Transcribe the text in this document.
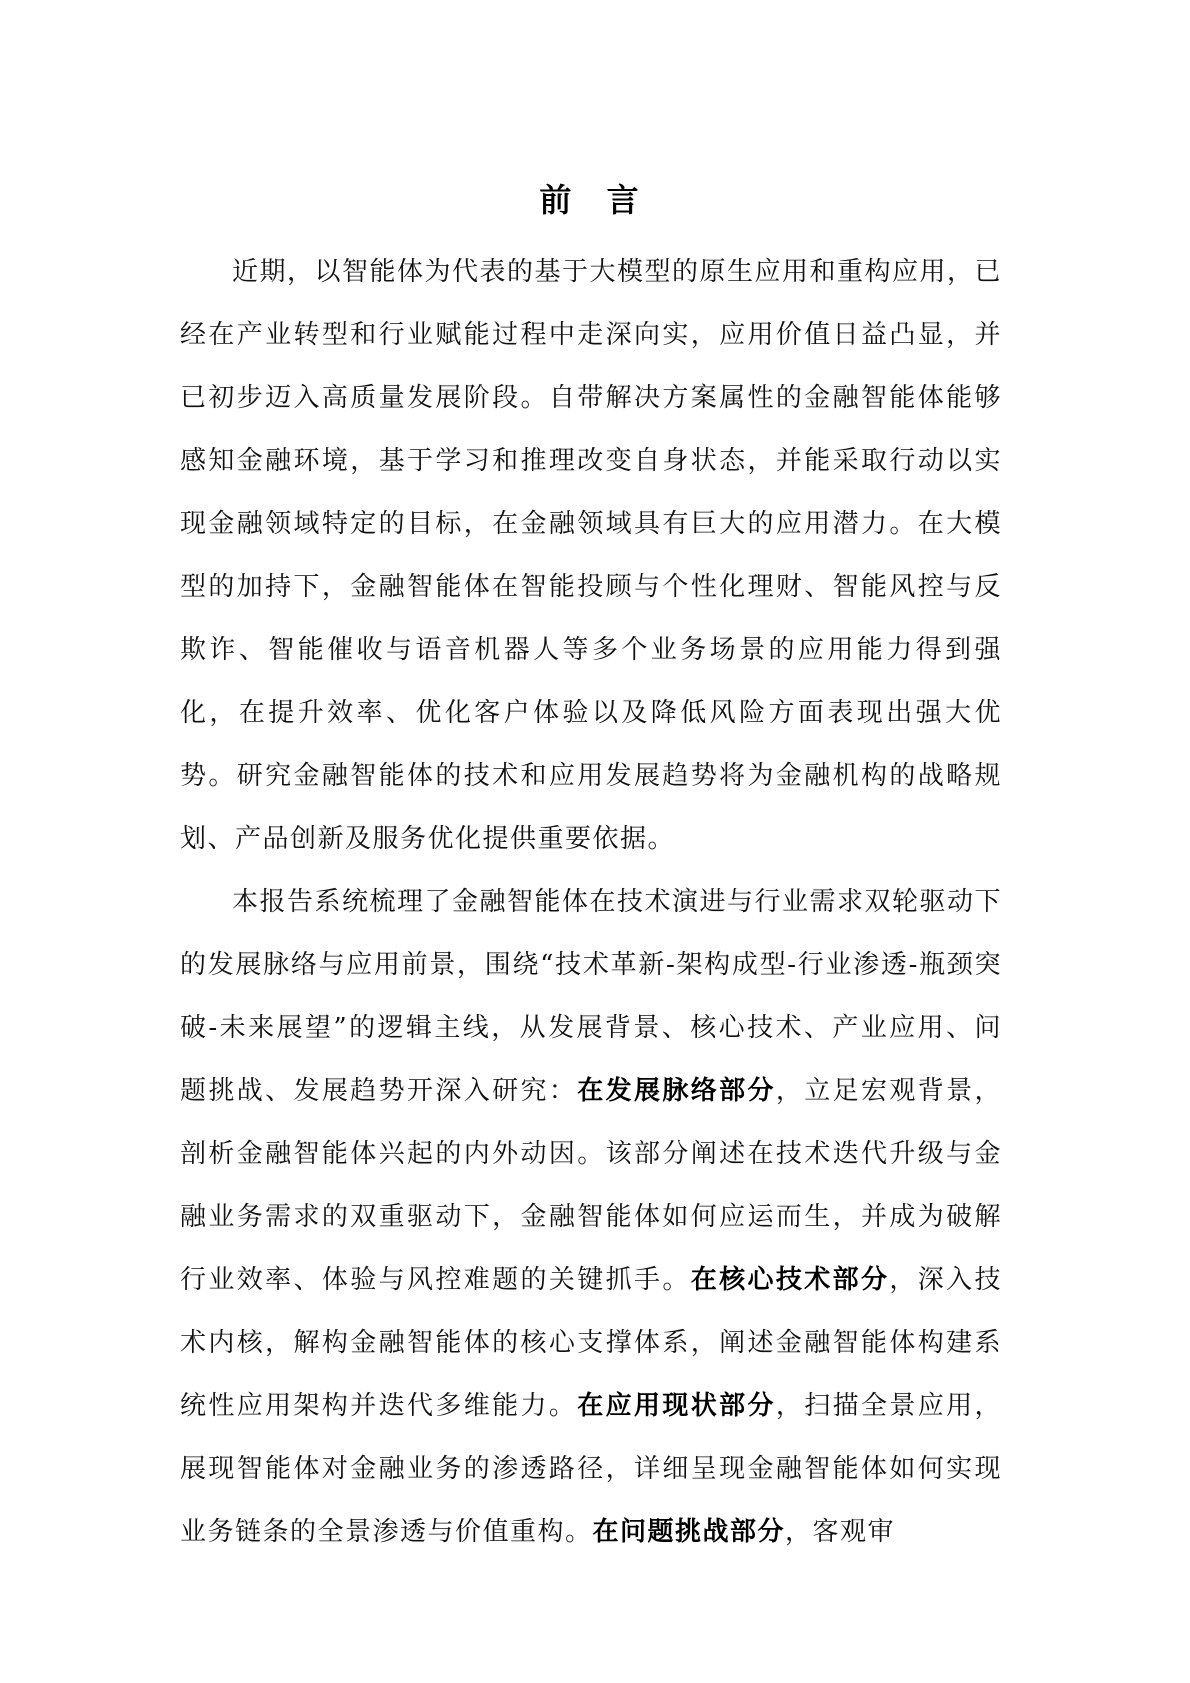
前 言

近期，以智能体为代表的基于大模型的原生应用和重构应用，已经在产业转型和行业赋能过程中走深向实，应用价值日益凸显，并已初步迈入高质量发展阶段。自带解决方案属性的金融智能体能够感知金融环境，基于学习和推理改变自身状态，并能采取行动以实现金融领域特定的目标，在金融领域具有巨大的应用潜力。在大模型的加持下，金融智能体在智能投顾与个性化理财、智能风控与反欺诈、智能催收与语音机器人等多个业务场景的应用能力得到强化，在提升效率、优化客户体验以及降低风险方面表现出强大优势。研究金融智能体的技术和应用发展趋势将为金融机构的战略规划、产品创新及服务优化提供重要依据。

本报告系统梳理了金融智能体在技术演进与行业需求双轮驱动下的发展脉络与应用前景，围绕“技术革新-架构成型-行业渗透-瓶颈突破-未来展望”的逻辑主线，从发展背景、核心技术、产业应用、问题挑战、发展趋势开深入研究：在发展脉络部分，立足宏观背景，剖析金融智能体兴起的内外动因。该部分阐述在技术迭代升级与金融业务需求的双重驱动下，金融智能体如何应运而生，并成为破解行业效率、体验与风控难题的关键抓手。在核心技术部分，深入技术内核，解构金融智能体的核心支撑体系，阐述金融智能体构建系统性应用架构并迭代多维能力。在应用现状部分，扫描全景应用，展现智能体对金融业务的渗透路径，详细呈现金融智能体如何实现业务链条的全景渗透与价值重构。在问题挑战部分，客观审
